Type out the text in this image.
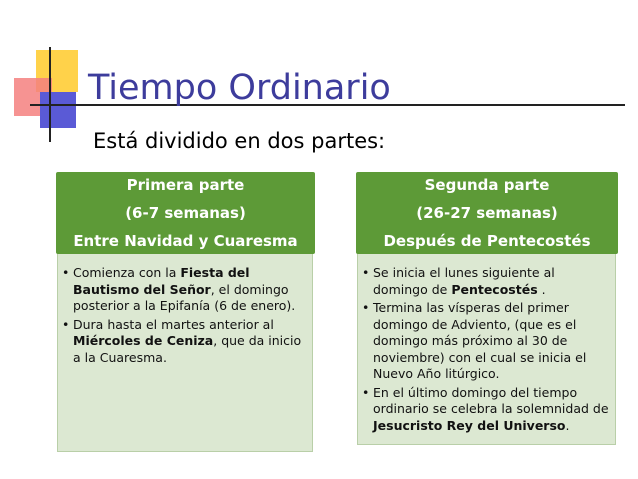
Tiempo Ordinario
Está dividido en dos partes:
Primera parte
(6-7 semanas)
Entre Navidad y Cuaresma
• Comienza con la Fiesta del Bautismo del Señor, el domingo posterior a la Epifanía (6 de enero).
• Dura hasta el martes anterior al Miércoles de Ceniza, que da inicio a la Cuaresma.
Segunda parte
(26-27 semanas)
Después de Pentecostés
• Se inicia el lunes siguiente al domingo de Pentecostés .
• Termina las vísperas del primer domingo de Adviento, (que es el domingo más próximo al 30 de noviembre) con el cual se inicia el Nuevo Año litúrgico.
• En el último domingo del tiempo ordinario se celebra la solemnidad de Jesucristo Rey del Universo.
